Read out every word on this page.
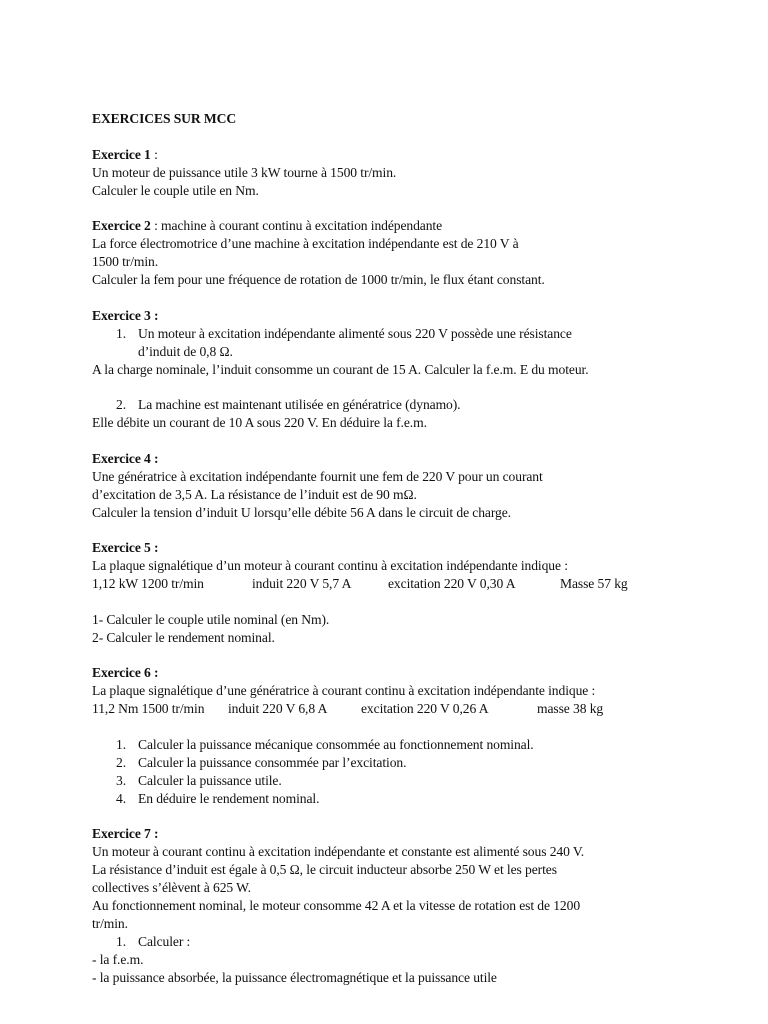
EXERCICES SUR MCC

Exercice 1 :

Un moteur de puissance utile 3 kW tourne à 1500 tr/min.

Calculer le couple utile en Nm.

Exercice 2 : machine à courant continu à excitation indépendante

La force électromotrice d’une machine à excitation indépendante est de 210 V à

1500 tr/min.

Calculer la fem pour une fréquence de rotation de 1000 tr/min, le flux étant constant.

Exercice 3 :

1. Un moteur à excitation indépendante alimenté sous 220 V possède une résistance

d’induit de 0,8 Ω.

A la charge nominale, l’induit consomme un courant de 15 A. Calculer la f.e.m. E du moteur.

2. La machine est maintenant utilisée en génératrice (dynamo).

Elle débite un courant de 10 A sous 220 V. En déduire la f.e.m.

Exercice 4 :

Une génératrice à excitation indépendante fournit une fem de 220 V pour un courant

d’excitation de 3,5 A. La résistance de l’induit est de 90 mΩ.

Calculer la tension d’induit U lorsqu’elle débite 56 A dans le circuit de charge.

Exercice 5 :

La plaque signalétique d’un moteur à courant continu à excitation indépendante indique :

1,12 kW 1200 tr/min	induit 220 V 5,7 A	excitation 220 V 0,30 A	Masse 57 kg

1- Calculer le couple utile nominal (en Nm).

2- Calculer le rendement nominal.

Exercice 6 :

La plaque signalétique d’une génératrice à courant continu à excitation indépendante indique :

11,2 Nm 1500 tr/min induit 220 V 6,8 A excitation 220 V 0,26 A	masse 38 kg

1. Calculer la puissance mécanique consommée au fonctionnement nominal.

2. Calculer la puissance consommée par l’excitation.

3. Calculer la puissance utile.

4. En déduire le rendement nominal.

Exercice 7 :

Un moteur à courant continu à excitation indépendante et constante est alimenté sous 240 V.

La résistance d’induit est égale à 0,5 Ω, le circuit inducteur absorbe 250 W et les pertes

collectives s’élèvent à 625 W.

Au fonctionnement nominal, le moteur consomme 42 A et la vitesse de rotation est de 1200

tr/min.

1. Calculer :

- la f.e.m.

- la puissance absorbée, la puissance électromagnétique et la puissance utile
